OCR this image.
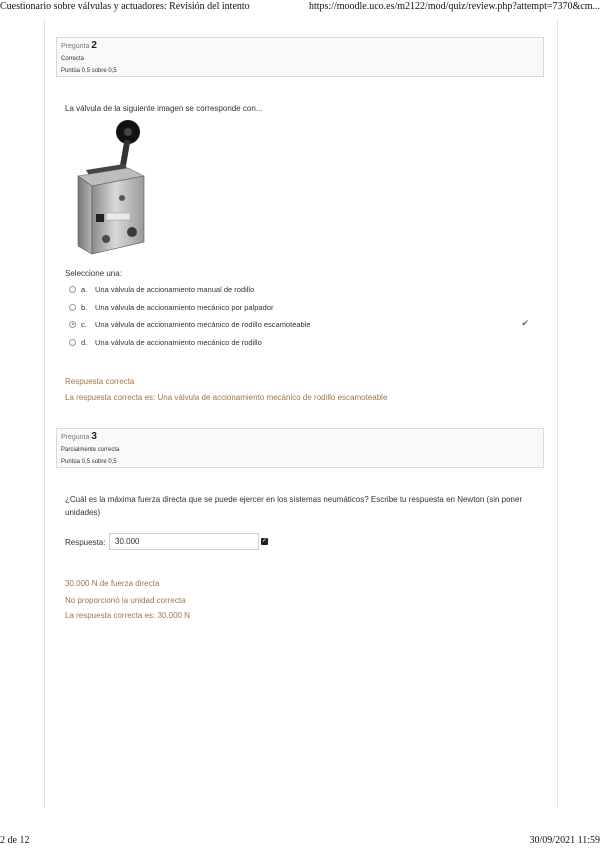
Cuestionario sobre válvulas y actuadores: Revisión del intento	https://moodle.uco.es/m2122/mod/quiz/review.php?attempt=7370&cm...
Pregunta 2
Correcta
Puntúa 0,5 sobre 0,5
La válvula de la siguiente imagen se corresponde con...
Seleccione una:
a.	Una válvula de accionamiento manual de rodillo
b.	Una válvula de accionamiento mecánico por palpador
c.	Una válvula de accionamiento mecánico de rodillo escamoteable	✔
d.	Una válvula de accionamiento mecánico de rodillo
Respuesta correcta
La respuesta correcta es: Una válvula de accionamiento mecánico de rodillo escamoteable
Pregunta 3
Parcialmente correcta
Puntúa 0,5 sobre 0,5
¿Cuál es la máxima fuerza directa que se puede ejercer en los sistemas neumáticos? Escribe tu respuesta en Newton (sin poner
unidades)
Respuesta:	30.000	✓
30.000 N de fuerza directa
No proporcionó la unidad correcta
La respuesta correcta es: 30.000 N
2 de 12	30/09/2021 11:59
